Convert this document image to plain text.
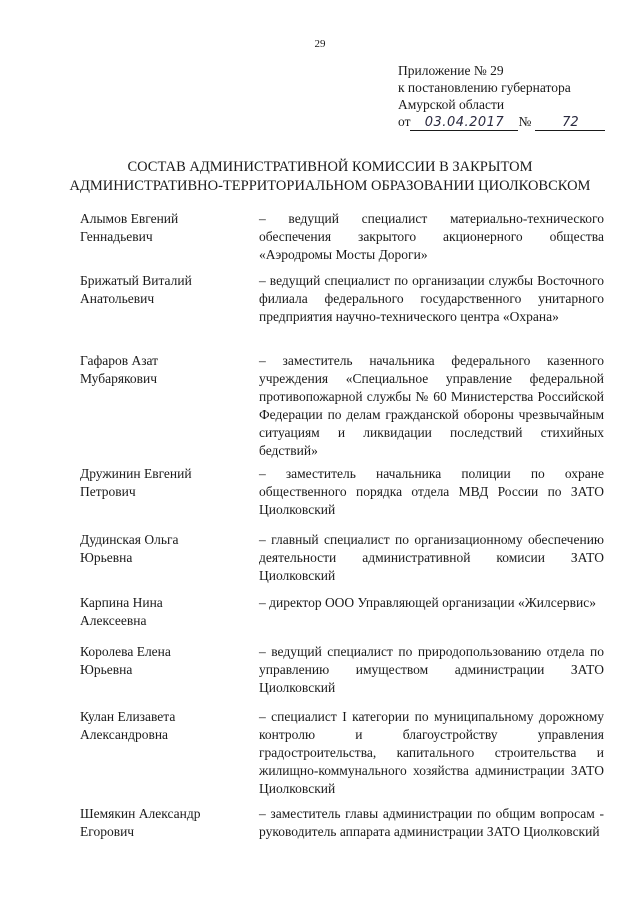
29
Приложение № 29
к постановлению губернатора
Амурской области
от 03.04.2017 № 72
СОСТАВ АДМИНИСТРАТИВНОЙ КОМИССИИ В ЗАКРЫТОМ
АДМИНИСТРАТИВНО-ТЕРРИТОРИАЛЬНОМ ОБРАЗОВАНИИ ЦИОЛКОВСКОМ
Алымов Евгений
Геннадьевич
– ведущий специалист материально-технического обеспечения закрытого акционерного общества «Аэродромы Мосты Дороги»
Брижатый Виталий
Анатольевич
– ведущий специалист по организации службы Восточного филиала федерального государственного унитарного предприятия научно-технического центра «Охрана»
Гафаров Азат
Мубарякович
– заместитель начальника федерального казенного учреждения «Специальное управление федеральной противопожарной службы № 60 Министерства Российской Федерации по делам гражданской обороны чрезвычайным ситуациям и ликвидации последствий стихийных бедствий»
Дружинин Евгений
Петрович
– заместитель начальника полиции по охране общественного порядка отдела МВД России по ЗАТО Циолковский
Дудинская Ольга
Юрьевна
– главный специалист по организационному обеспечению деятельности административной комисии ЗАТО Циолковский
Карпина Нина
Алексеевна
– директор ООО Управляющей организации «Жилсервис»
Королева Елена
Юрьевна
– ведущий специалист по природопользованию отдела по управлению имуществом администрации ЗАТО Циолковский
Кулан Елизавета
Александровна
– специалист I категории по муниципальному дорожному контролю и благоустройству управления градостроительства, капитального строительства и жилищно-коммунального хозяйства администрации ЗАТО Циолковский
Шемякин Александр
Егорович
– заместитель главы администрации по общим вопросам - руководитель аппарата администрации ЗАТО Циолковский
